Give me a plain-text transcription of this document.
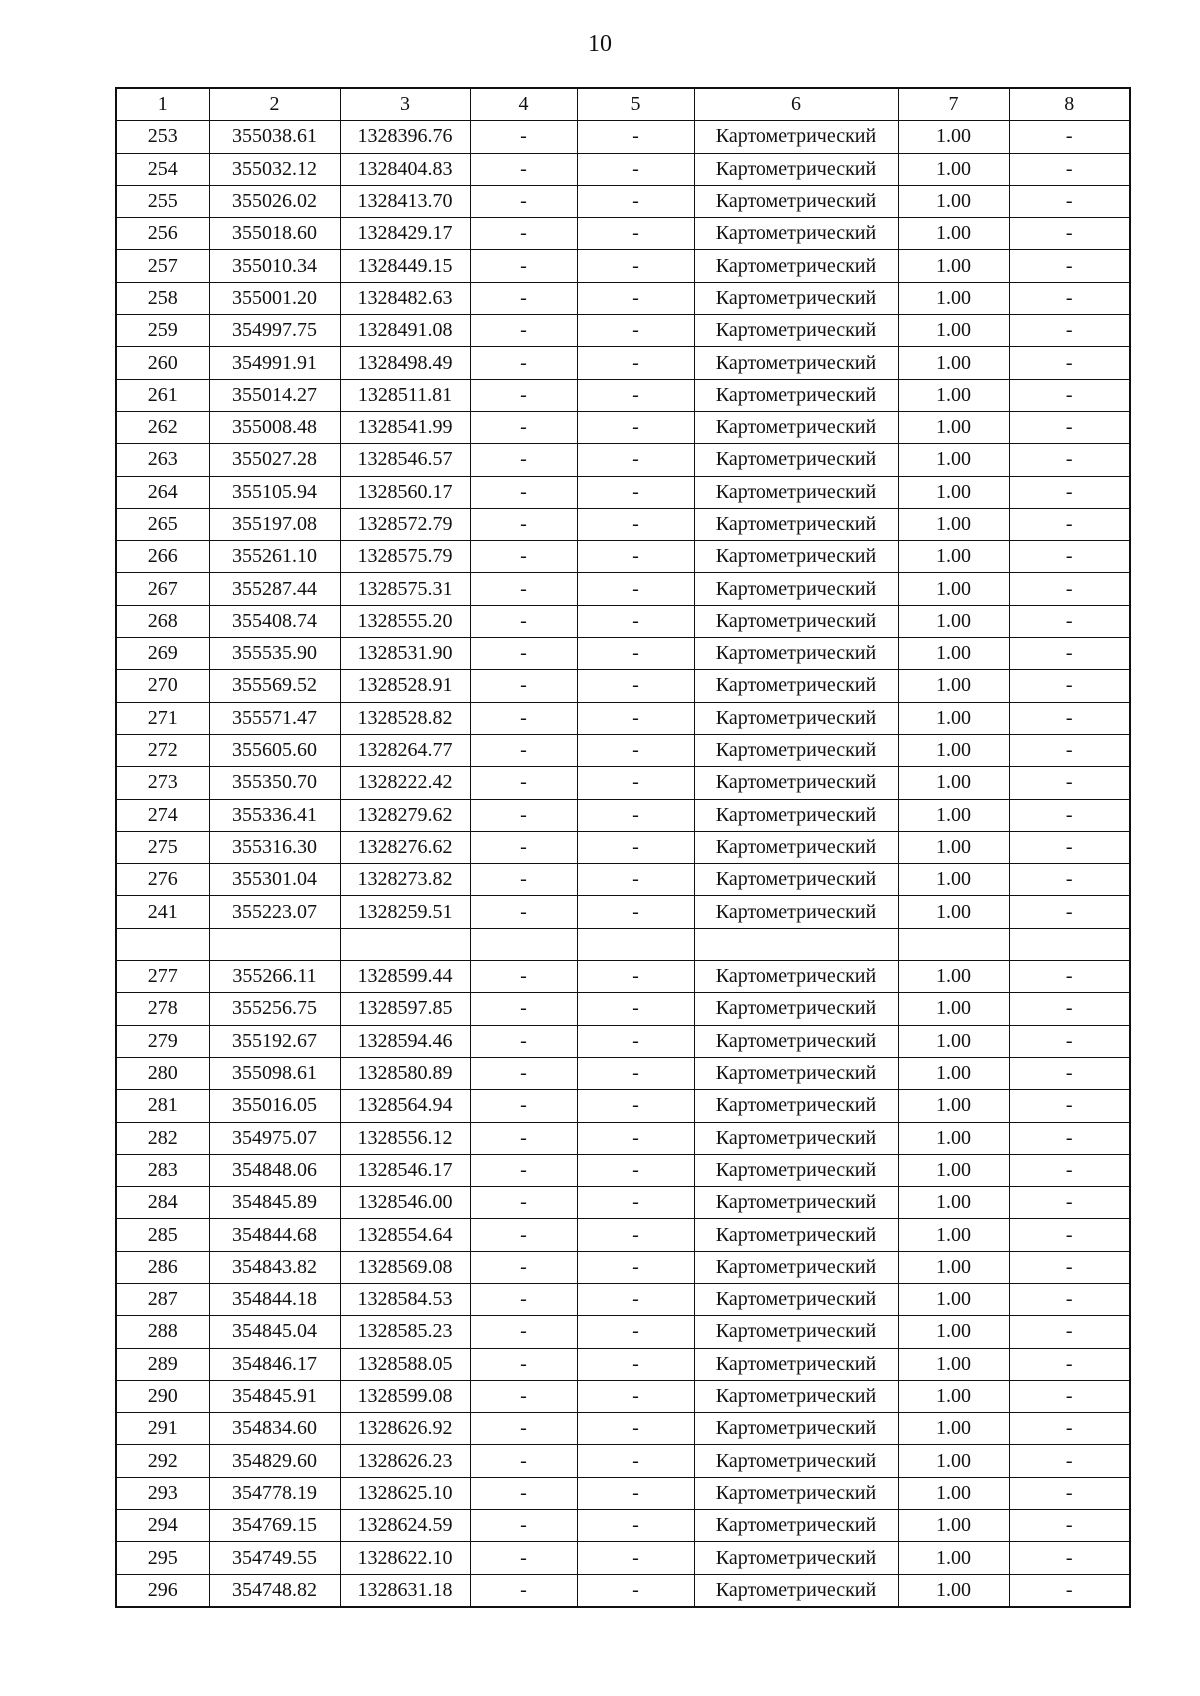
10
1	2	3	4	5	6	7	8
253	355038.61	1328396.76	-	-	Картометрический	1.00	-
254	355032.12	1328404.83	-	-	Картометрический	1.00	-
255	355026.02	1328413.70	-	-	Картометрический	1.00	-
256	355018.60	1328429.17	-	-	Картометрический	1.00	-
257	355010.34	1328449.15	-	-	Картометрический	1.00	-
258	355001.20	1328482.63	-	-	Картометрический	1.00	-
259	354997.75	1328491.08	-	-	Картометрический	1.00	-
260	354991.91	1328498.49	-	-	Картометрический	1.00	-
261	355014.27	1328511.81	-	-	Картометрический	1.00	-
262	355008.48	1328541.99	-	-	Картометрический	1.00	-
263	355027.28	1328546.57	-	-	Картометрический	1.00	-
264	355105.94	1328560.17	-	-	Картометрический	1.00	-
265	355197.08	1328572.79	-	-	Картометрический	1.00	-
266	355261.10	1328575.79	-	-	Картометрический	1.00	-
267	355287.44	1328575.31	-	-	Картометрический	1.00	-
268	355408.74	1328555.20	-	-	Картометрический	1.00	-
269	355535.90	1328531.90	-	-	Картометрический	1.00	-
270	355569.52	1328528.91	-	-	Картометрический	1.00	-
271	355571.47	1328528.82	-	-	Картометрический	1.00	-
272	355605.60	1328264.77	-	-	Картометрический	1.00	-
273	355350.70	1328222.42	-	-	Картометрический	1.00	-
274	355336.41	1328279.62	-	-	Картометрический	1.00	-
275	355316.30	1328276.62	-	-	Картометрический	1.00	-
276	355301.04	1328273.82	-	-	Картометрический	1.00	-
241	355223.07	1328259.51	-	-	Картометрический	1.00	-

277	355266.11	1328599.44	-	-	Картометрический	1.00	-
278	355256.75	1328597.85	-	-	Картометрический	1.00	-
279	355192.67	1328594.46	-	-	Картометрический	1.00	-
280	355098.61	1328580.89	-	-	Картометрический	1.00	-
281	355016.05	1328564.94	-	-	Картометрический	1.00	-
282	354975.07	1328556.12	-	-	Картометрический	1.00	-
283	354848.06	1328546.17	-	-	Картометрический	1.00	-
284	354845.89	1328546.00	-	-	Картометрический	1.00	-
285	354844.68	1328554.64	-	-	Картометрический	1.00	-
286	354843.82	1328569.08	-	-	Картометрический	1.00	-
287	354844.18	1328584.53	-	-	Картометрический	1.00	-
288	354845.04	1328585.23	-	-	Картометрический	1.00	-
289	354846.17	1328588.05	-	-	Картометрический	1.00	-
290	354845.91	1328599.08	-	-	Картометрический	1.00	-
291	354834.60	1328626.92	-	-	Картометрический	1.00	-
292	354829.60	1328626.23	-	-	Картометрический	1.00	-
293	354778.19	1328625.10	-	-	Картометрический	1.00	-
294	354769.15	1328624.59	-	-	Картометрический	1.00	-
295	354749.55	1328622.10	-	-	Картометрический	1.00	-
296	354748.82	1328631.18	-	-	Картометрический	1.00	-
